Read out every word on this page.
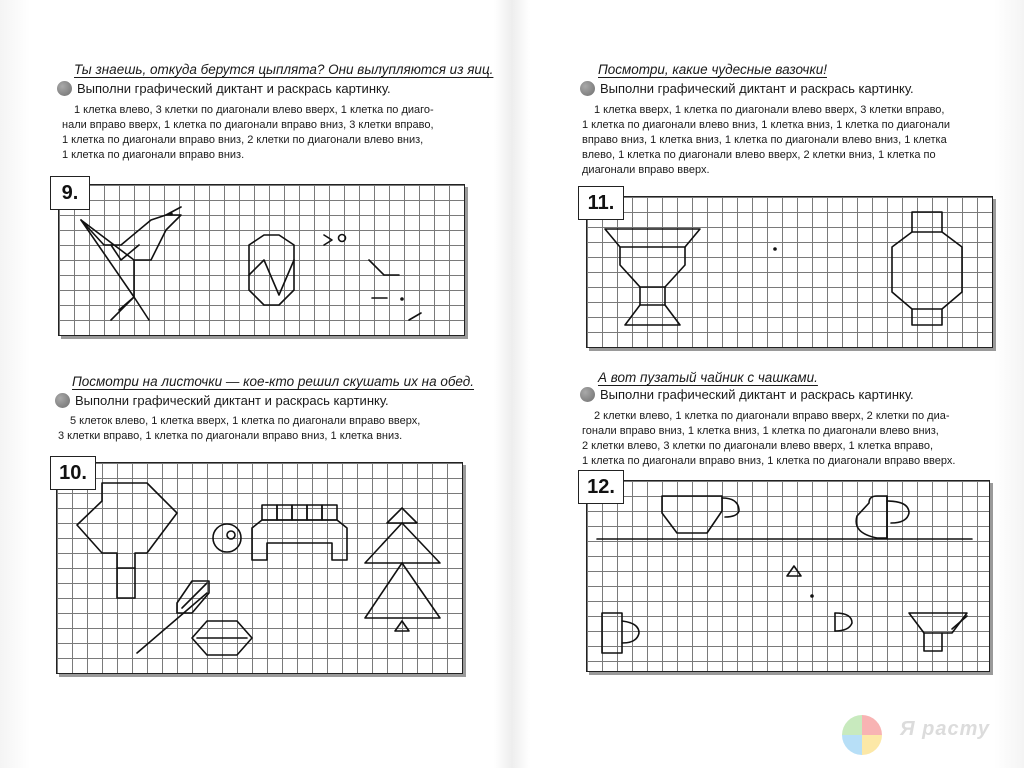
Ты знаешь, откуда берутся цыплята? Они вылупляются из яиц.
Выполни графический диктант и раскрась картинку.
1 клетка влево, 3 клетки по диагонали влево вверх, 1 клетка по диаго-
нали вправо вверх, 1 клетка по диагонали вправо вниз, 3 клетки вправо,
1 клетка по диагонали вправо вниз, 2 клетки по диагонали влево вниз,
1 клетка по диагонали вправо вниз.
9.
Посмотри на листочки — кое-кто решил скушать их на обед.
Выполни графический диктант и раскрась картинку.
5 клеток влево, 1 клетка вверх, 1 клетка по диагонали вправо вверх,
3 клетки вправо, 1 клетка по диагонали вправо вниз, 1 клетка вниз.
10.
Посмотри, какие чудесные вазочки!
Выполни графический диктант и раскрась картинку.
1 клетка вверх, 1 клетка по диагонали влево вверх, 3 клетки вправо,
1 клетка по диагонали влево вниз, 1 клетка вниз, 1 клетка по диагонали
вправо вниз, 1 клетка вниз, 1 клетка по диагонали влево вниз, 1 клетка
влево, 1 клетка по диагонали влево вверх, 2 клетки вниз, 1 клетка по
диагонали вправо вверх.
11.
А вот пузатый чайник с чашками.
Выполни графический диктант и раскрась картинку.
2 клетки влево, 1 клетка по диагонали вправо вверх, 2 клетки по диа-
гонали вправо вниз, 1 клетка вниз, 1 клетка по диагонали влево вниз,
2 клетки влево, 3 клетки по диагонали влево вверх, 1 клетка вправо,
1 клетка по диагонали вправо вниз, 1 клетка по диагонали вправо вверх.
12.
Я расту
